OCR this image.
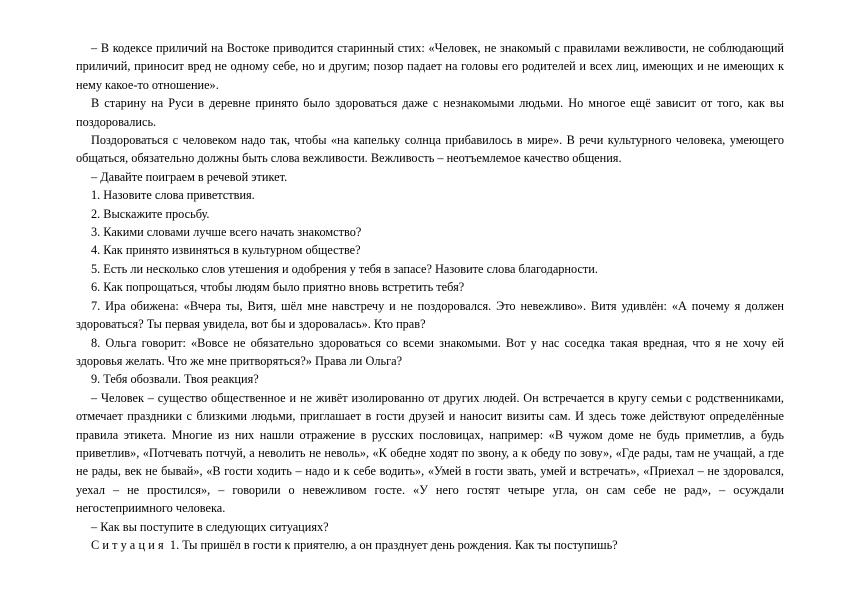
– В кодексе приличий на Востоке приводится старинный стих: «Человек, не знакомый с правилами вежливости, не соблюдающий приличий, приносит вред не одному себе, но и другим; позор падает на головы его родителей и всех лиц, имеющих и не имеющих к нему какое-то отношение».

В старину на Руси в деревне принято было здороваться даже с незнакомыми людьми. Но многое ещё зависит от того, как вы поздоровались.

Поздороваться с человеком надо так, чтобы «на капельку солнца прибавилось в мире». В речи культурного человека, умеющего общаться, обязательно должны быть слова вежливости. Вежливость – неотъемлемое качество общения.

– Давайте поиграем в речевой этикет.

1. Назовите слова приветствия.

2. Выскажите просьбу.

3. Какими словами лучше всего начать знакомство?

4. Как принято извиняться в культурном обществе?

5. Есть ли несколько слов утешения и одобрения у тебя в запасе? Назовите слова благодарности.

6. Как попрощаться, чтобы людям было приятно вновь встретить тебя?

7. Ира обижена: «Вчера ты, Витя, шёл мне навстречу и не поздоровался. Это невежливо». Витя удивлён: «А почему я должен здороваться? Ты первая увидела, вот бы и здоровалась». Кто прав?

8. Ольга говорит: «Вовсе не обязательно здороваться со всеми знакомыми. Вот у нас соседка такая вредная, что я не хочу ей здоровья желать. Что же мне притворяться?» Права ли Ольга?

9. Тебя обозвали. Твоя реакция?

– Человек – существо общественное и не живёт изолированно от других людей. Он встречается в кругу семьи с родственниками, отмечает праздники с близкими людьми, приглашает в гости друзей и наносит визиты сам. И здесь тоже действуют определённые правила этикета. Многие из них нашли отражение в русских пословицах, например: «В чужом доме не будь приметлив, а будь приветлив», «Потчевать потчуй, а неволить не неволь», «К обедне ходят по звону, а к обеду по зову», «Где рады, там не учащай, а где не рады, век не бывай», «В гости ходить – надо и к себе водить», «Умей в гости звать, умей и встречать», «Приехал – не здоровался, уехал – не простился», – говорили о невежливом госте. «У него гостят четыре угла, он сам себе не рад», – осуждали негостеприимного человека.

– Как вы поступите в следующих ситуациях?

Ситуация 1. Ты пришёл в гости к приятелю, а он празднует день рождения. Как ты поступишь?
